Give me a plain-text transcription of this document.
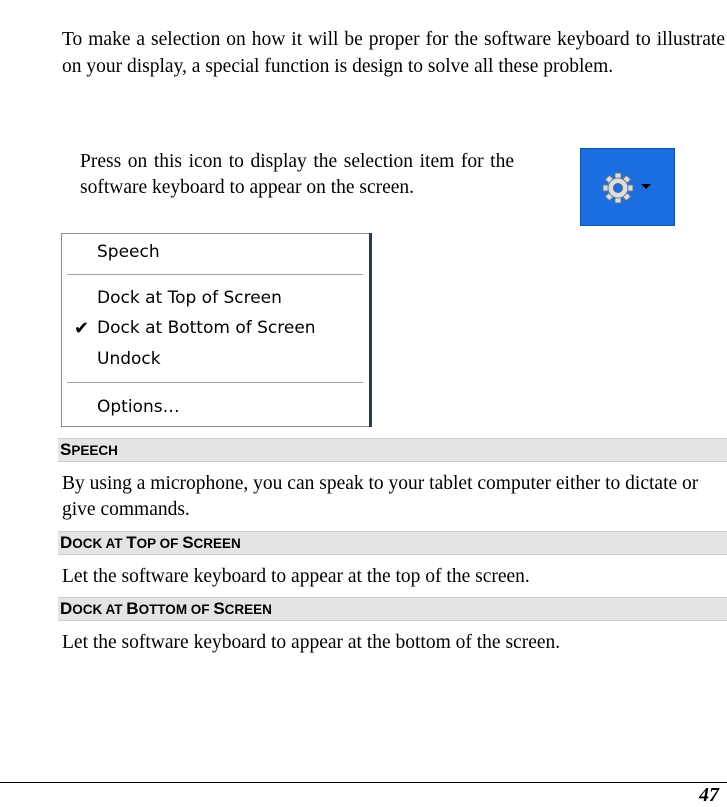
To make a selection on how it will be proper for the software keyboard to illustrate on your display, a special function is design to solve all these problem.

Press on this icon to display the selection item for the software keyboard to appear on the screen.

Speech
Dock at Top of Screen
✔ Dock at Bottom of Screen
Undock
Options…
SPEECH

By using a microphone, you can speak to your tablet computer either to dictate or give commands.

DOCK AT TOP OF SCREEN

Let the software keyboard to appear at the top of the screen.

DOCK AT BOTTOM OF SCREEN

Let the software keyboard to appear at the bottom of the screen.

47
